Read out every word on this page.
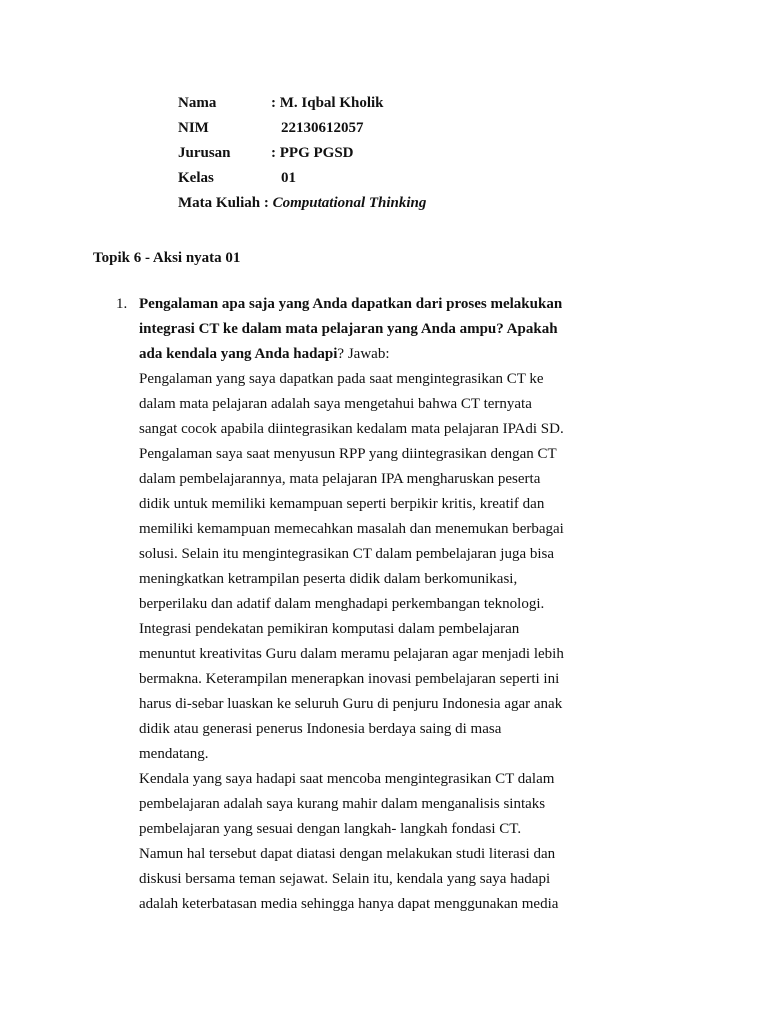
Nama	: M. Iqbal Kholik
NIM	22130612057
Jurusan	: PPG PGSD
Kelas	01
Mata Kuliah : Computational Thinking
Topik 6 - Aksi nyata 01
1. Pengalaman apa saja yang Anda dapatkan dari proses melakukan
integrasi CT ke dalam mata pelajaran yang Anda ampu? Apakah
ada kendala yang Anda hadapi? Jawab:
Pengalaman yang saya dapatkan pada saat mengintegrasikan CT ke
dalam mata pelajaran adalah saya mengetahui bahwa CT ternyata
sangat cocok apabila diintegrasikan kedalam mata pelajaran IPAdi SD.
Pengalaman saya saat menyusun RPP yang diintegrasikan dengan CT
dalam pembelajarannya, mata pelajaran IPA mengharuskan peserta
didik untuk memiliki kemampuan seperti berpikir kritis, kreatif dan
memiliki kemampuan memecahkan masalah dan menemukan berbagai
solusi. Selain itu mengintegrasikan CT dalam pembelajaran juga bisa
meningkatkan ketrampilan peserta didik dalam berkomunikasi,
berperilaku dan adatif dalam menghadapi perkembangan teknologi.
Integrasi pendekatan pemikiran komputasi dalam pembelajaran
menuntut kreativitas Guru dalam meramu pelajaran agar menjadi lebih
bermakna. Keterampilan menerapkan inovasi pembelajaran seperti ini
harus di-sebar luaskan ke seluruh Guru di penjuru Indonesia agar anak
didik atau generasi penerus Indonesia berdaya saing di masa
mendatang.
Kendala yang saya hadapi saat mencoba mengintegrasikan CT dalam
pembelajaran adalah saya kurang mahir dalam menganalisis sintaks
pembelajaran yang sesuai dengan langkah- langkah fondasi CT.
Namun hal tersebut dapat diatasi dengan melakukan studi literasi dan
diskusi bersama teman sejawat. Selain itu, kendala yang saya hadapi
adalah keterbatasan media sehingga hanya dapat menggunakan media
